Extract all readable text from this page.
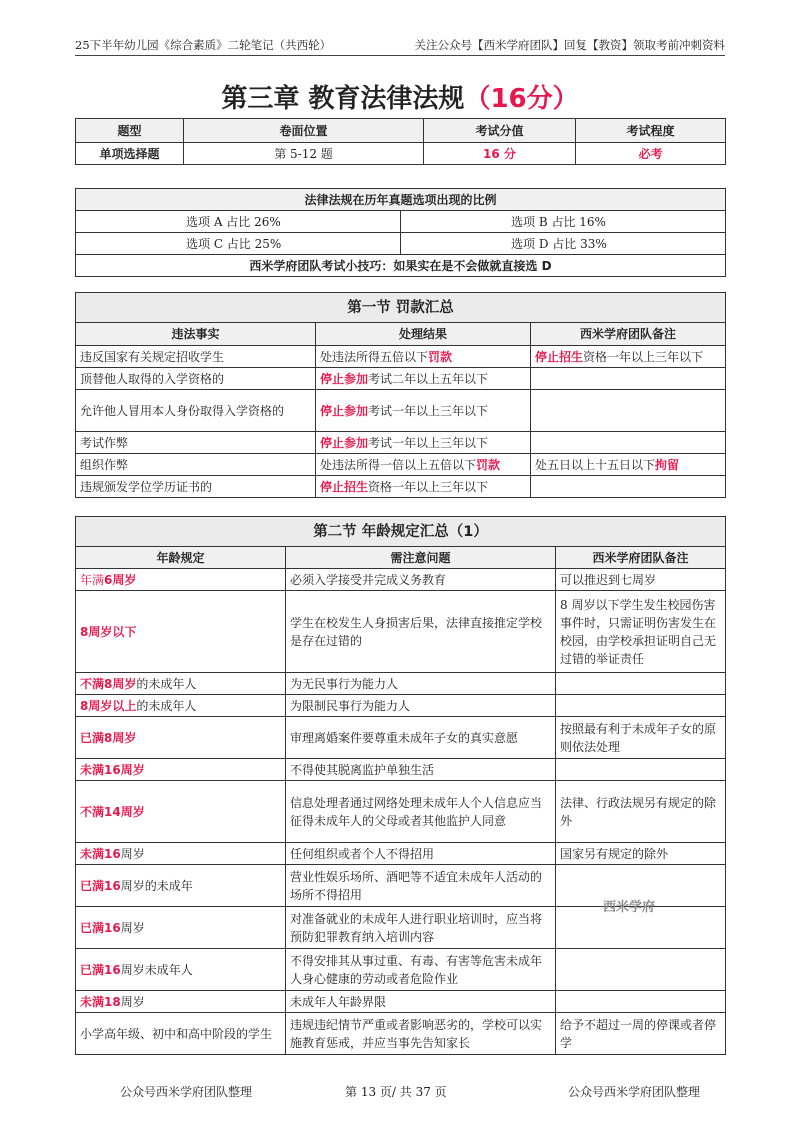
25下半年幼儿园《综合素质》二轮笔记（共西轮）	关注公众号【西米学府团队】回复【教资】领取考前冲刺资料
第三章 教育法律法规（16分）
题型	卷面位置	考试分值	考试程度
单项选择题	第 5-12 题	16 分	必考
法律法规在历年真题选项出现的比例	
选项 A 占比 26%	选项 B 占比 16%
选项 C 占比 25%	选项 D 占比 33%
西米学府团队考试小技巧：如果实在是不会做就直接选 D	
第一节 罚款汇总		
违法事实	处理结果	西米学府团队备注
违反国家有关规定招收学生	处违法所得五倍以下罚款	停止招生资格一年以上三年以下
顶替他人取得的入学资格的	停止参加考试二年以上五年以下	
允许他人冒用本人身份取得入学资格的	停止参加考试一年以上三年以下	
考试作弊	停止参加考试一年以上三年以下	
组织作弊	处违法所得一倍以上五倍以下罚款	处五日以上十五日以下拘留
违规颁发学位学历证书的	停止招生资格一年以上三年以下	
第二节 年龄规定汇总（1）		
年龄规定	需注意问题	西米学府团队备注
年满6周岁	必须入学接受并完成义务教育	可以推迟到七周岁
8周岁以下	学生在校发生人身损害后果，法律直接推定学校是存在过错的	8 周岁以下学生发生校园伤害事件时，只需证明伤害发生在校园，由学校承担证明自己无过错的举证责任
不满8周岁的未成年人	为无民事行为能力人	
8周岁以上的未成年人	为限制民事行为能力人	
已满8周岁	审理离婚案件要尊重未成年子女的真实意愿	按照最有利于未成年子女的原则依法处理
未满16周岁	不得使其脱离监护单独生活	
不满14周岁	信息处理者通过网络处理未成年人个人信息应当征得未成年人的父母或者其他监护人同意	法律、行政法规另有规定的除外
未满16周岁	任何组织或者个人不得招用	国家另有规定的除外
已满16周岁的未成年	营业性娱乐场所、酒吧等不适宜未成年人活动的场所不得招用	
已满16周岁	对准备就业的未成年人进行职业培训时，应当将预防犯罪教育纳入培训内容	
已满16周岁未成年人	不得安排其从事过重、有毒、有害等危害未成年人身心健康的劳动或者危险作业	
未满18周岁	未成年人年龄界限	
小学高年级、初中和高中阶段的学生	违规违纪情节严重或者影响恶劣的，学校可以实施教育惩戒，并应当事先告知家长	给予不超过一周的停课或者停学
西米学府
公众号西米学府团队整理	第 13 页/ 共 37 页	公众号西米学府团队整理
